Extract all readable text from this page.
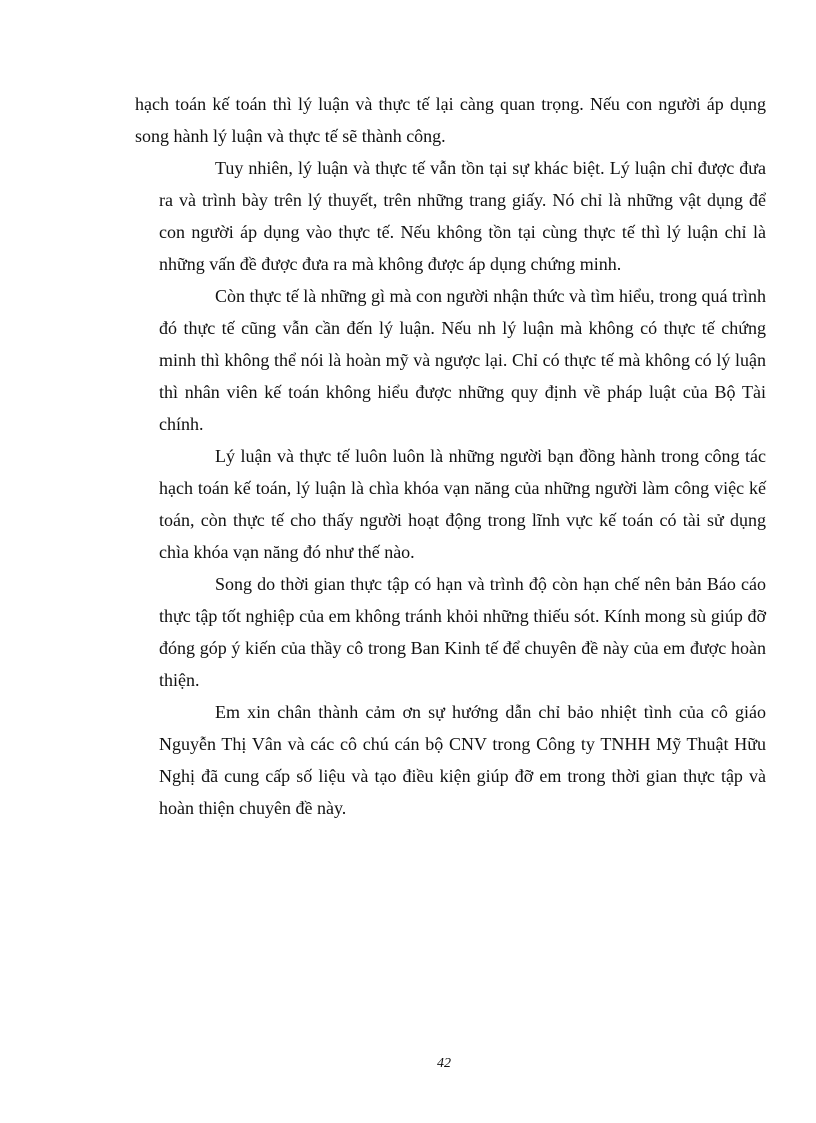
hạch toán kế toán thì lý luận và thực tế lại càng quan trọng. Nếu con người áp dụng song hành lý luận và thực tế sẽ thành công.

Tuy nhiên, lý luận và thực tế vẫn tồn tại sự khác biệt. Lý luận chỉ được đưa ra và trình bày trên lý thuyết, trên những trang giấy. Nó chỉ là những vật dụng để con người áp dụng vào thực tế. Nếu không tồn tại cùng thực tế thì lý luận chỉ là những vấn đề được đưa ra mà không được áp dụng chứng minh.

Còn thực tế là những gì mà con người nhận thức và tìm hiểu, trong quá trình đó thực tế cũng vẫn cần đến lý luận. Nếu nh lý luận mà không có thực tế chứng minh thì không thể nói là hoàn mỹ và ngược lại. Chỉ có thực tế mà không có lý luận thì nhân viên kế toán không hiểu được những quy định về pháp luật của Bộ Tài chính.

Lý luận và thực tế luôn luôn là những người bạn đồng hành trong công tác hạch toán kế toán, lý luận là chìa khóa vạn năng của những người làm công việc kế toán, còn thực tế cho thấy người hoạt động trong lĩnh vực kế toán có tài sử dụng chìa khóa vạn năng đó như thế nào.

Song do thời gian thực tập có hạn và trình độ còn hạn chế nên bản Báo cáo thực tập tốt nghiệp của em không tránh khỏi những thiếu sót. Kính mong sù giúp đỡ đóng góp ý kiến của thầy cô trong Ban Kinh tế để chuyên đề này của em được hoàn thiện.

Em xin chân thành cảm ơn sự hướng dẫn chỉ bảo nhiệt tình của cô giáo Nguyễn Thị Vân và các cô chú cán bộ CNV trong Công ty TNHH Mỹ Thuật Hữu Nghị đã cung cấp số liệu và tạo điều kiện giúp đỡ em trong thời gian thực tập và hoàn thiện chuyên đề này.

42
